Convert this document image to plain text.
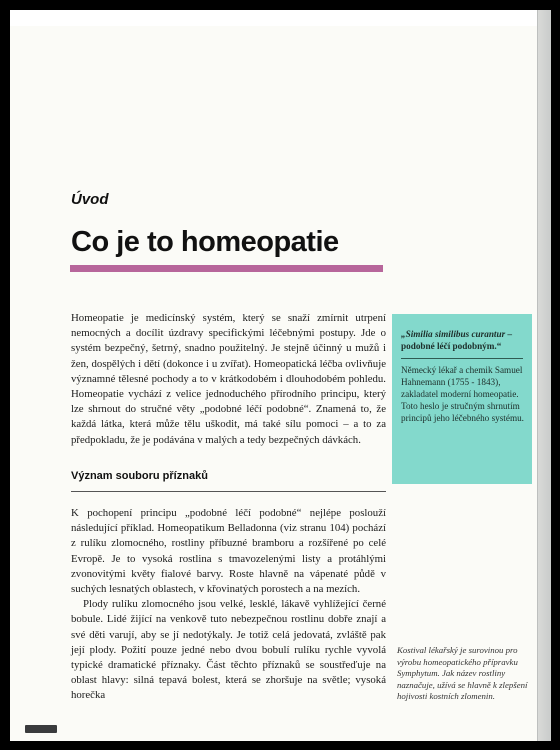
Úvod
Co je to homeopatie

Homeopatie je medicínský systém, který se snaží zmírnit utrpení nemocných a docílit úzdravy specifickými léčebnými postupy. Jde o systém bezpečný, šetrný, snadno použitelný. Je stejně účinný u mužů i žen, dospělých i dětí (dokonce i u zvířat). Homeopatická léčba ovlivňuje významné tělesné pochody a to v krátkodobém i dlouhodobém pohledu. Homeopatie vychází z velice jednoduchého přírodního principu, který lze shrnout do stručné věty „podobné léčí podobné“. Znamená to, že každá látka, která může tělu uškodit, má také sílu pomoci – a to za předpokladu, že je podávána v malých a tedy bezpečných dávkách.

Význam souboru příznaků

K pochopení principu „podobné léčí podobné“ nejlépe poslouží následující příklad. Homeopatikum Belladonna (viz stranu 104) pochází z rulíku zlomocného, rostliny příbuzné bramboru a rozšířené po celé Evropě. Je to vysoká rostlina s tmavozelenými listy a protáhlými zvonovitými květy fialové barvy. Roste hlavně na vápenaté půdě v suchých lesnatých oblastech, v křovinatých porostech a na mezích.

Plody rulíku zlomocného jsou velké, lesklé, lákavě vyhlížející černé bobule. Lidé žijící na venkově tuto nebezpečnou rostlinu dobře znají a své děti varují, aby se jí nedotýkaly. Je totiž celá jedovatá, zvláště pak její plody. Požití pouze jedné nebo dvou bobulí rulíku rychle vyvolá typické dramatické příznaky. Část těchto příznaků se soustřeďuje na oblast hlavy: silná tepavá bolest, která se zhoršuje na světle; vysoká horečka

„Similia similibus curantur –
podobné léčí podobným.“
Německý lékař a chemik Samuel Hahnemann (1755 - 1843), zakladatel moderní homeopatie. Toto heslo je stručným shrnutím principů jeho léčebného systému.
Kostival lékařský je surovinou pro výrobu homeopatického přípravku Symphytum. Jak název rostliny naznačuje, užívá se hlavně k zlepšení hojivosti kostních zlomenin.
